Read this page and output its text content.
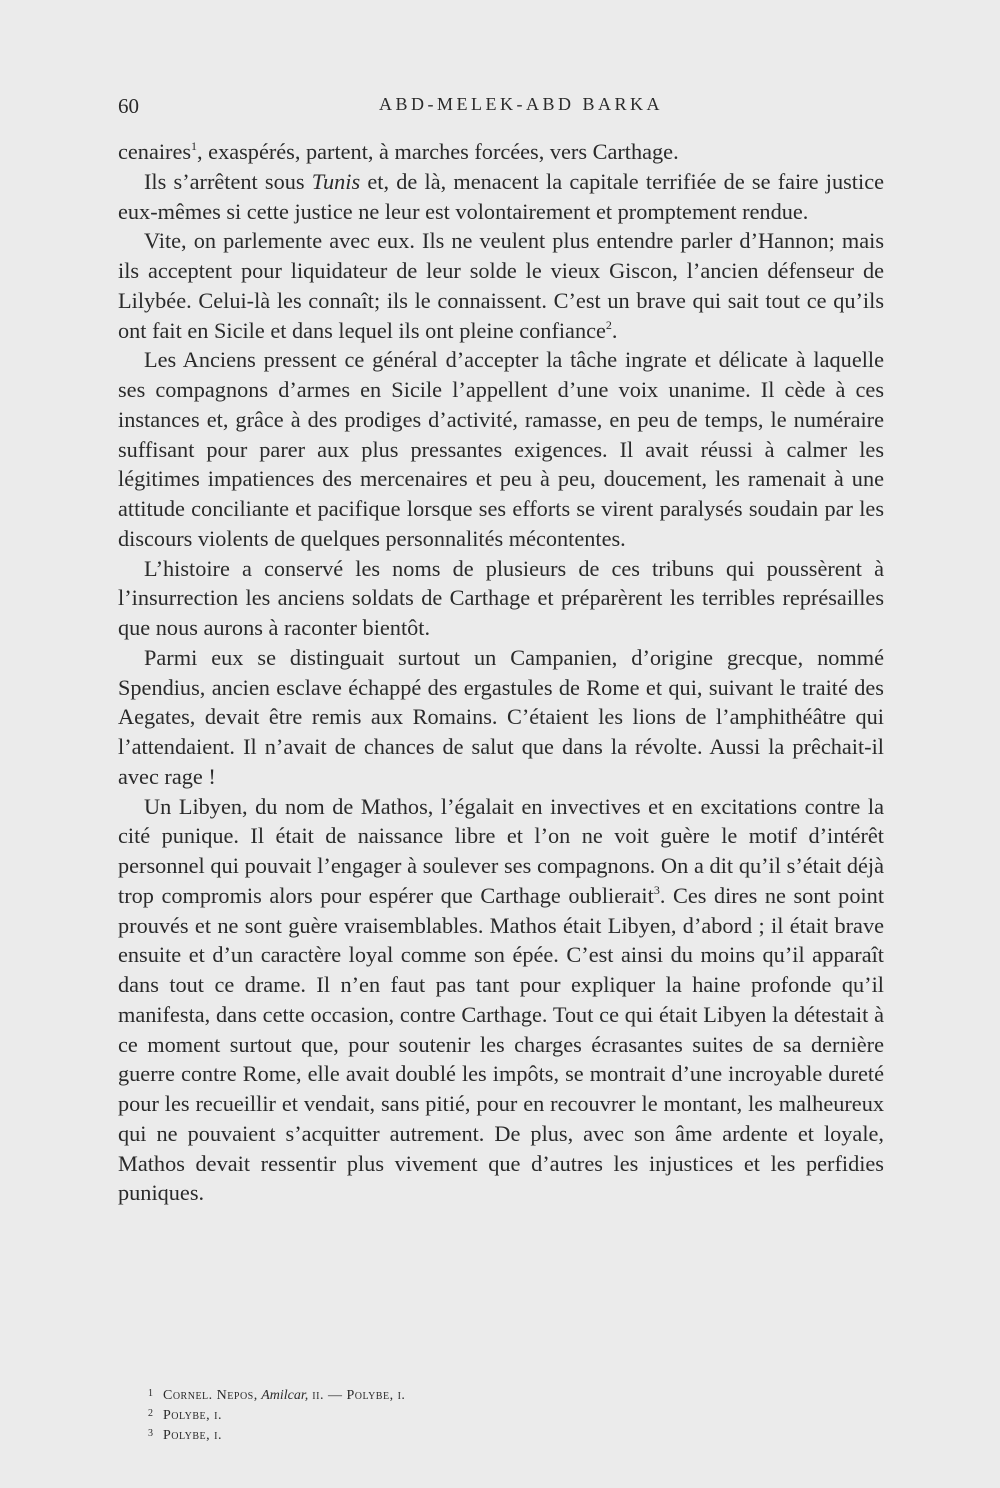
60	ABD-MELEK-ABD BARKA

cenaires$^1$, exaspérés, partent, à marches forcées, vers Carthage.

Ils s’arrêtent sous Tunis et, de là, menacent la capitale terrifiée de se faire justice eux-mêmes si cette justice ne leur est volontairement et promptement rendue.

Vite, on parlemente avec eux. Ils ne veulent plus entendre parler d’Hannon; mais ils acceptent pour liquidateur de leur solde le vieux Giscon, l’ancien défenseur de Lilybée. Celui-là les connaît; ils le connaissent. C’est un brave qui sait tout ce qu’ils ont fait en Sicile et dans lequel ils ont pleine confiance$^2$.

Les Anciens pressent ce général d’accepter la tâche ingrate et délicate à laquelle ses compagnons d’armes en Sicile l’appellent d’une voix unanime. Il cède à ces instances et, grâce à des prodiges d’activité, ramasse, en peu de temps, le numéraire suffisant pour parer aux plus pressantes exigences. Il avait réussi à calmer les légitimes impatiences des mercenaires et peu à peu, doucement, les ramenait à une attitude conciliante et pacifique lorsque ses efforts se virent paralysés soudain par les discours violents de quelques personnalités mécontentes.

L’histoire a conservé les noms de plusieurs de ces tribuns qui poussèrent à l’insurrection les anciens soldats de Carthage et préparèrent les terribles représailles que nous aurons à raconter bientôt.

Parmi eux se distinguait surtout un Campanien, d’origine grecque, nommé Spendius, ancien esclave échappé des ergastules de Rome et qui, suivant le traité des Aegates, devait être remis aux Romains. C’étaient les lions de l’amphithéâtre qui l’attendaient. Il n’avait de chances de salut que dans la révolte. Aussi la prêchait-il avec rage !

Un Libyen, du nom de Mathos, l’égalait en invectives et en excitations contre la cité punique. Il était de naissance libre et l’on ne voit guère le motif d’intérêt personnel qui pouvait l’engager à soulever ses compagnons. On a dit qu’il s’était déjà trop compromis alors pour espérer que Carthage oublierait$^3$. Ces dires ne sont point prouvés et ne sont guère vraisemblables. Mathos était Libyen, d’abord ; il était brave ensuite et d’un caractère loyal comme son épée. C’est ainsi du moins qu’il apparaît dans tout ce drame. Il n’en faut pas tant pour expliquer la haine profonde qu’il manifesta, dans cette occasion, contre Carthage. Tout ce qui était Libyen la détestait à ce moment surtout que, pour soutenir les charges écrasantes suites de sa dernière guerre contre Rome, elle avait doublé les impôts, se montrait d’une incroyable dureté pour les recueillir et vendait, sans pitié, pour en recouvrer le montant, les malheureux qui ne pouvaient s’acquitter autrement. De plus, avec son âme ardente et loyale, Mathos devait ressentir plus vivement que d’autres les injustices et les perfidies puniques.

1 Cornel. Nepos, Amilcar, ii. — Polybe, i.
2 Polybe, i.
3 Polybe, i.
